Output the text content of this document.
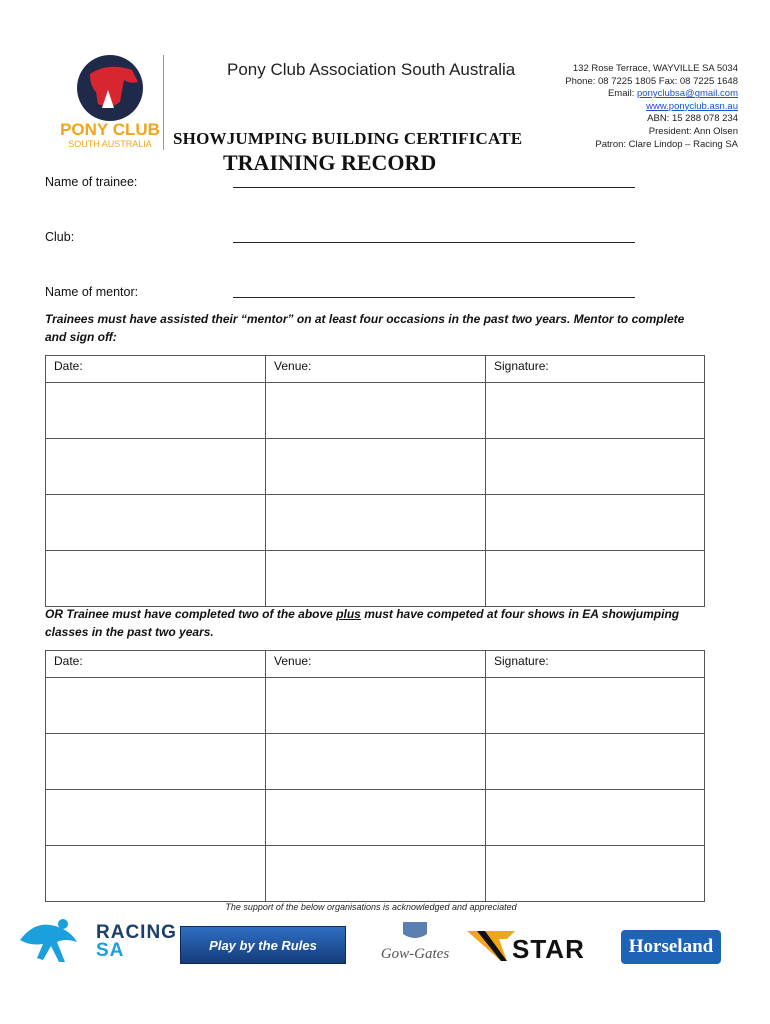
PONY CLUB
SOUTH AUSTRALIA
Pony Club Association South Australia
SHOWJUMPING BUILDING CERTIFICATE
TRAINING RECORD
132 Rose Terrace, WAYVILLE SA 5034
Phone: 08 7225 1805 Fax: 08 7225 1648
Email: ponyclubsa@gmail.com
www.ponyclub.asn.au
ABN: 15 288 078 234
President: Ann Olsen
Patron: Clare Lindop – Racing SA
Name of trainee:
Club:
Name of mentor:
Trainees must have assisted their “mentor” on at least four occasions in the past two years. Mentor to complete and sign off:
Date:	Venue:	Signature:

OR Trainee must have completed two of the above plus must have competed at four shows in EA showjumping classes in the past two years.
Date:	Venue:	Signature:

The support of the below organisations is acknowledged and appreciated
RACING
SA	Play by the Rules
Gow-Gates STAR	Horseland
